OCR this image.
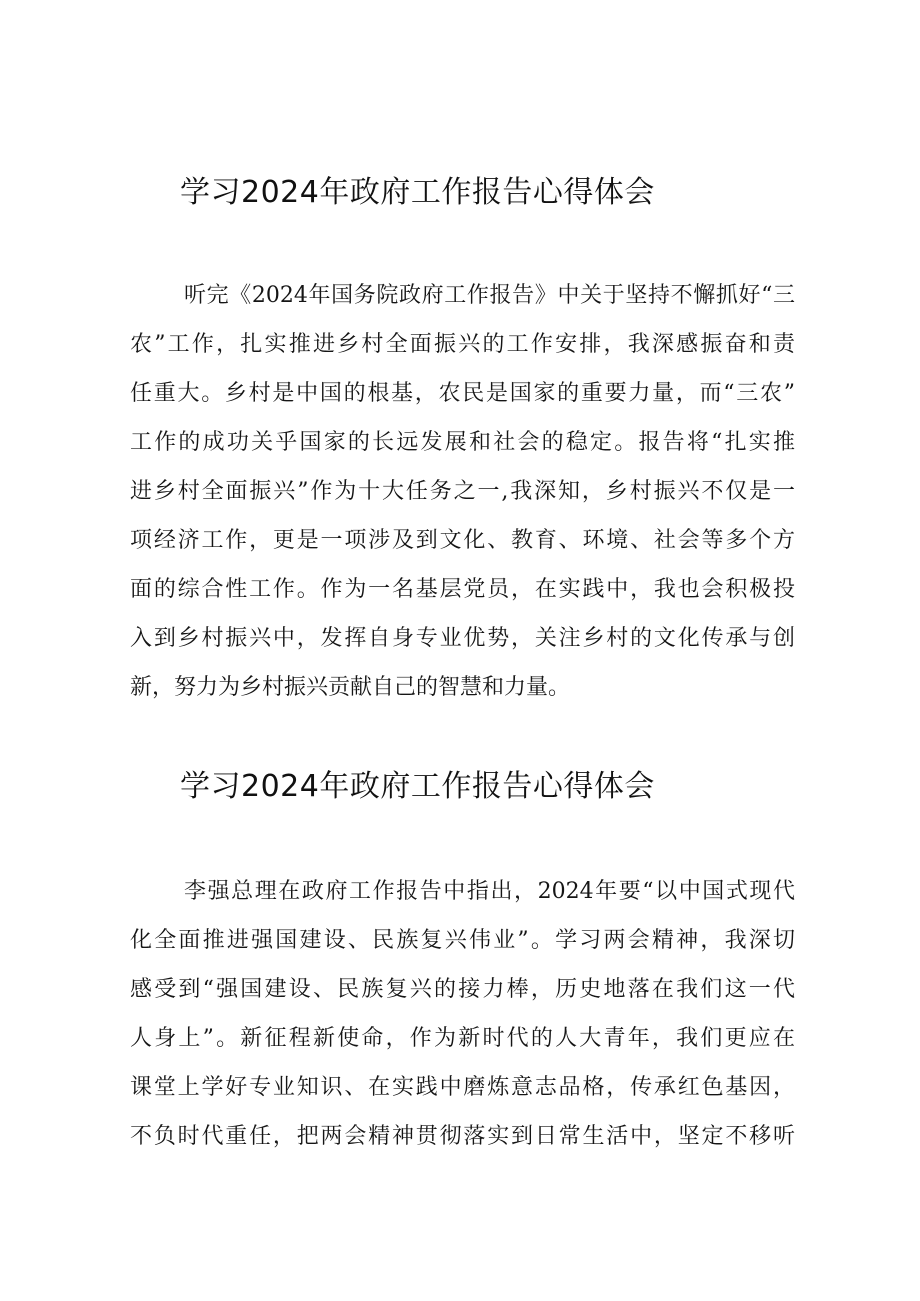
学习2024年政府工作报告心得体会
听完《2024年国务院政府工作报告》中关于坚持不懈抓好“三
农”工作，扎实推进乡村全面振兴的工作安排，我深感振奋和责
任重大。乡村是中国的根基，农民是国家的重要力量，而“三农”
工作的成功关乎国家的长远发展和社会的稳定。报告将“扎实推
进乡村全面振兴”作为十大任务之一,我深知，乡村振兴不仅是一
项经济工作，更是一项涉及到文化、教育、环境、社会等多个方
面的综合性工作。作为一名基层党员，在实践中，我也会积极投
入到乡村振兴中，发挥自身专业优势，关注乡村的文化传承与创
新，努力为乡村振兴贡献自己的智慧和力量。
学习2024年政府工作报告心得体会
李强总理在政府工作报告中指出，2024年要“以中国式现代
化全面推进强国建设、民族复兴伟业”。学习两会精神，我深切
感受到“强国建设、民族复兴的接力棒，历史地落在我们这一代
人身上”。新征程新使命，作为新时代的人大青年，我们更应在
课堂上学好专业知识、在实践中磨炼意志品格，传承红色基因，
不负时代重任，把两会精神贯彻落实到日常生活中，坚定不移听
